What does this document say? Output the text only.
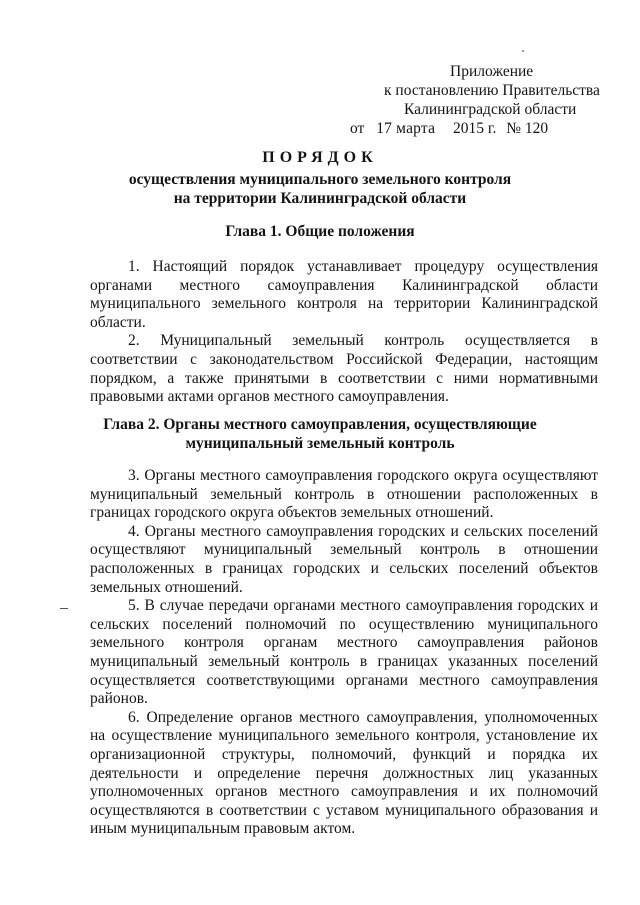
Приложение
к постановлению Правительства
Калининградской области
от 17 марта 2015 г. № 120
ПОРЯДОК
осуществления муниципального земельного контроля
на территории Калининградской области
Глава 1. Общие положения

1. Настоящий порядок устанавливает процедуру осуществления органами местного самоуправления Калининградской области муниципального земельного контроля на территории Калининградской области.

2. Муниципальный земельный контроль осуществляется в соответствии с законодательством Российской Федерации, настоящим порядком, а также принятыми в соответствии с ними нормативными правовыми актами органов местного самоуправления.

Глава 2. Органы местного самоуправления, осуществляющие
муниципальный земельный контроль

3. Органы местного самоуправления городского округа осуществляют муниципальный земельный контроль в отношении расположенных в границах городского округа объектов земельных отношений.

4. Органы местного самоуправления городских и сельских поселений осуществляют муниципальный земельный контроль в отношении расположенных в границах городских и сельских поселений объектов земельных отношений.

5. В случае передачи органами местного самоуправления городских и сельских поселений полномочий по осуществлению муниципального земельного контроля органам местного самоуправления районов муниципальный земельный контроль в границах указанных поселений осуществляется соответствующими органами местного самоуправления районов.

6. Определение органов местного самоуправления, уполномоченных на осуществление муниципального земельного контроля, установление их организационной структуры, полномочий, функций и порядка их деятельности и определение перечня должностных лиц указанных уполномоченных органов местного самоуправления и их полномочий осуществляются в соответствии с уставом муниципального образования и иным муниципальным правовым актом.
